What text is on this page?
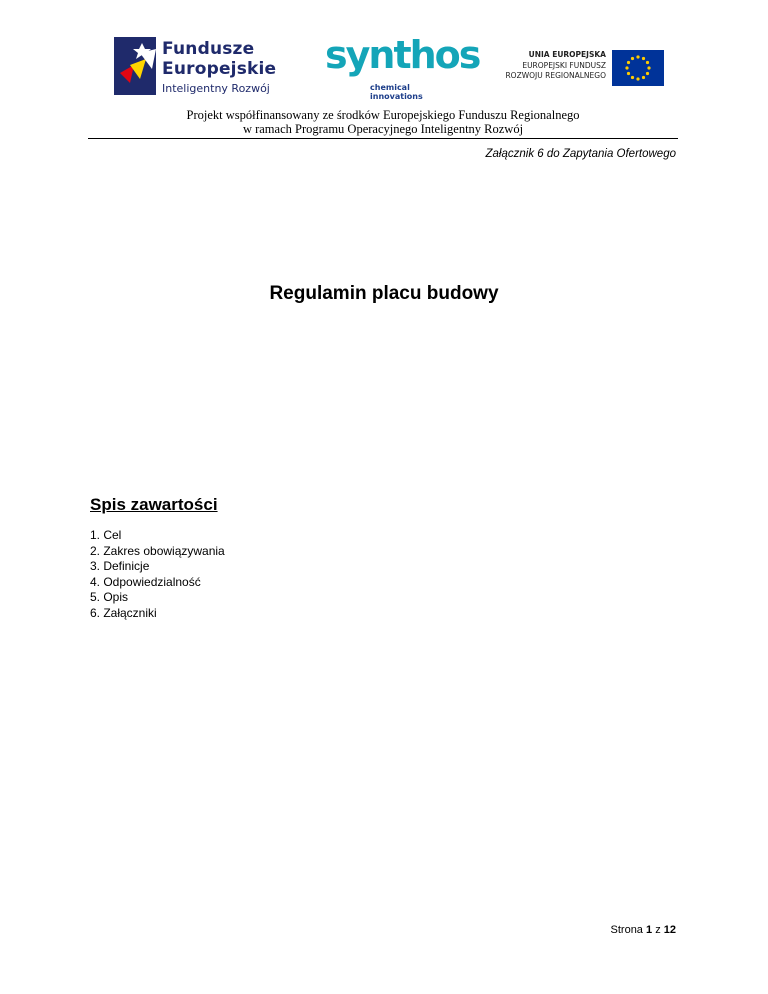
Fundusze
Europejskie
Inteligentny Rozwój
synthos
chemical innovations
UNIA EUROPEJSKA
EUROPEJSKI FUNDUSZ
ROZWOJU REGIONALNEGO
Projekt współfinansowany ze środków Europejskiego Funduszu Regionalnego
w ramach Programu Operacyjnego Inteligentny Rozwój
Załącznik 6 do Zapytania Ofertowego
Regulamin placu budowy
Spis zawartości
1. Cel
2. Zakres obowiązywania
3. Definicje
4. Odpowiedzialność
5. Opis
6. Załączniki
Strona 1 z 12
